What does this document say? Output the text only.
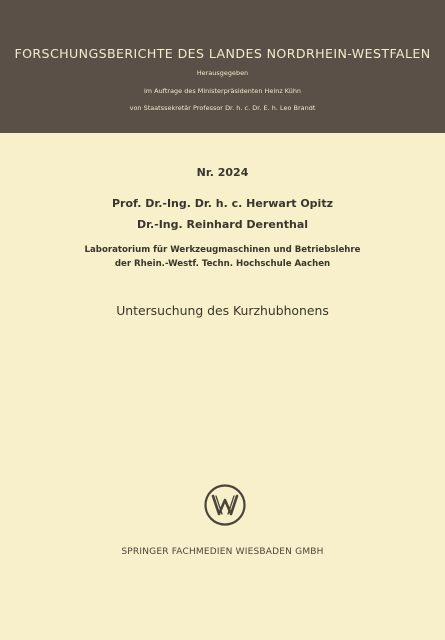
FORSCHUNGSBERICHTE DES LANDES NORDRHEIN-WESTFALEN
Herausgegeben
im Auftrage des Ministerpräsidenten Heinz Kühn
von Staatssekretär Professor Dr. h. c. Dr. E. h. Leo Brandt
Nr. 2024
Prof. Dr.-Ing. Dr. h. c. Herwart Opitz
Dr.-Ing. Reinhard Derenthal
Laboratorium für Werkzeugmaschinen und Betriebslehre
der Rhein.-Westf. Techn. Hochschule Aachen
Untersuchung des Kurzhubhonens
SPRINGER FACHMEDIEN WIESBADEN GMBH
